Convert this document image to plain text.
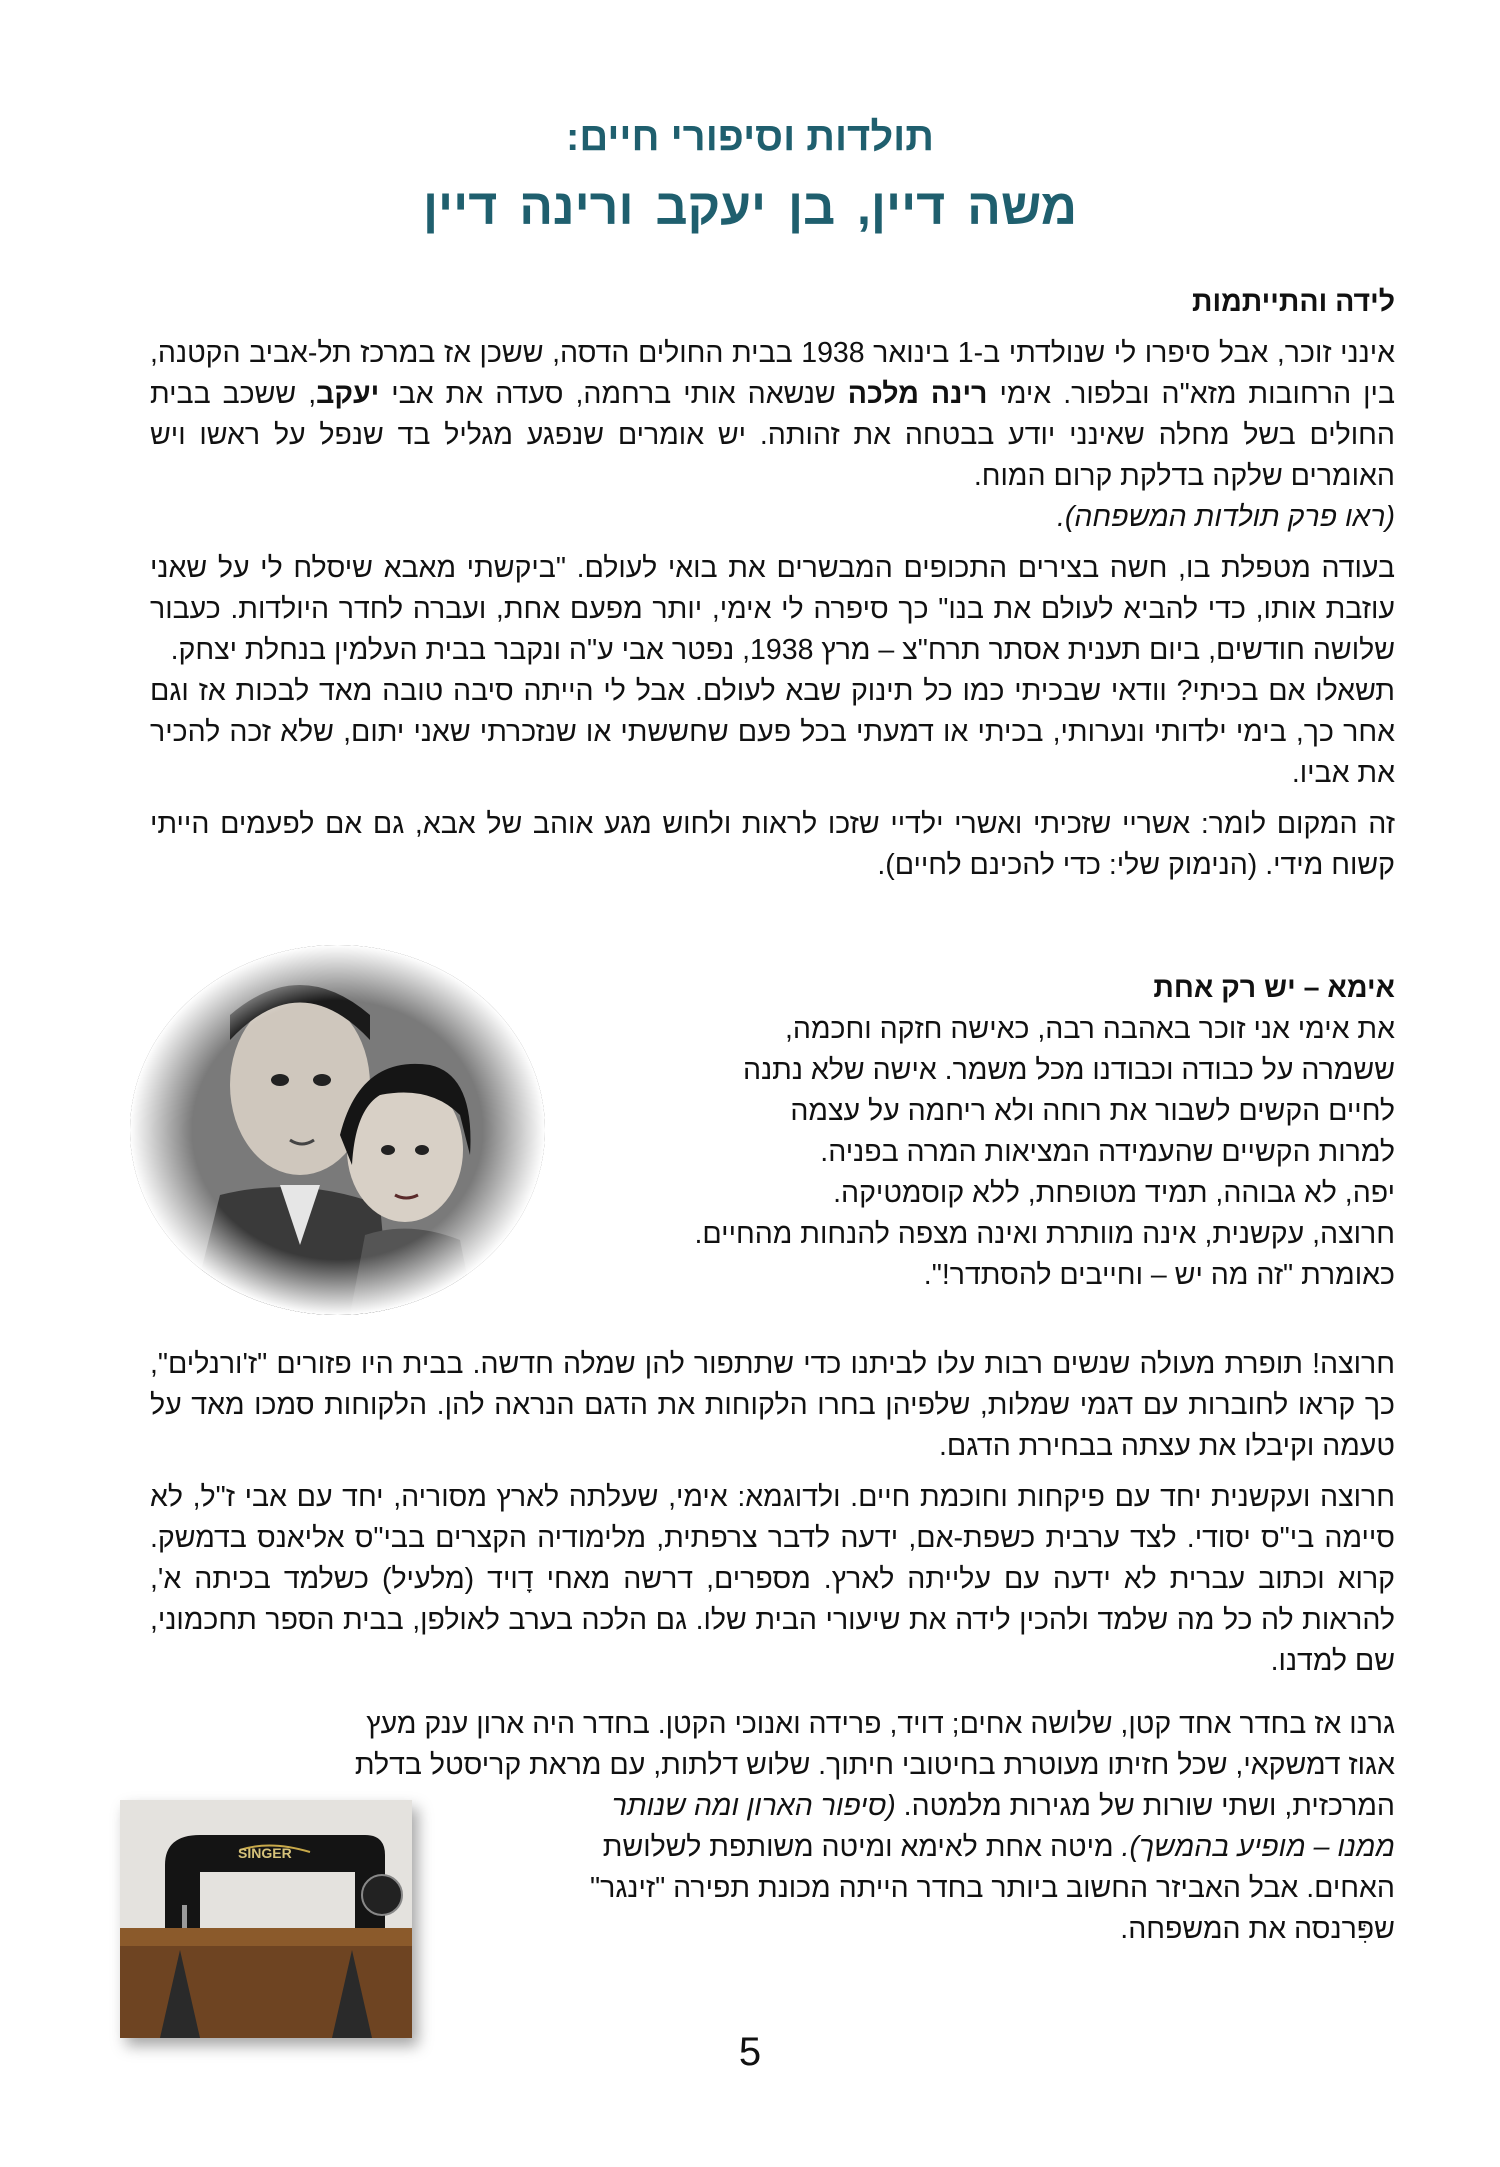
תולדות וסיפורי חיים:
משה דיין, בן יעקב ורינה דיין

לידה והתייתמות

אינני זוכר, אבל סיפרו לי שנולדתי ב-1 בינואר 1938 בבית החולים הדסה, ששכן אז במרכז תל-אביב הקטנה, בין הרחובות מזא"ה ובלפור. אימי רינה מלכה שנשאה אותי ברחמה, סעדה את אבי יעקב, ששכב בבית החולים בשל מחלה שאינני יודע בבטחה את זהותה. יש אומרים שנפגע מגליל בד שנפל על ראשו ויש האומרים שלקה בדלקת קרום המוח.
(ראו פרק תולדות המשפחה).

בעודה מטפלת בו, חשה בצירים התכופים המבשרים את בואי לעולם. "ביקשתי מאבא שיסלח לי על שאני עוזבת אותו, כדי להביא לעולם את בנו" כך סיפרה לי אימי, יותר מפעם אחת, ועברה לחדר היולדות. כעבור שלושה חודשים, ביום תענית אסתר תרח"צ – מרץ 1938, נפטר אבי ע"ה ונקבר בבית העלמין בנחלת יצחק.

תשאלו אם בכיתי? וודאי שבכיתי כמו כל תינוק שבא לעולם. אבל לי הייתה סיבה טובה מאד לבכות אז וגם אחר כך, בימי ילדותי ונערותי, בכיתי או דמעתי בכל פעם שחששתי או שנזכרתי שאני יתום, שלא זכה להכיר את אביו.

זה המקום לומר: אשריי שזכיתי ואשרי ילדיי שזכו לראות ולחוש מגע אוהב של אבא, גם אם לפעמים הייתי קשוח מידי. (הנימוק שלי: כדי להכינם לחיים).

אימא – יש רק אחת

את אימי אני זוכר באהבה רבה, כאישה חזקה וחכמה,

ששמרה על כבודה וכבודנו מכל משמר. אישה שלא נתנה

לחיים הקשים לשבור את רוחה ולא ריחמה על עצמה

למרות הקשיים שהעמידה המציאות המרה בפניה.

יפה, לא גבוהה, תמיד מטופחת, ללא קוסמטיקה.

חרוצה, עקשנית, אינה מוותרת ואינה מצפה להנחות מהחיים.

כאומרת "זה מה יש – וחייבים להסתדר!".

חרוצה! תופרת מעולה שנשים רבות עלו לביתנו כדי שתתפור להן שמלה חדשה. בבית היו פזורים "ז'ורנלים", כך קראו לחוברות עם דגמי שמלות, שלפיהן בחרו הלקוחות את הדגם הנראה להן. הלקוחות סמכו מאד על טעמה וקיבלו את עצתה בבחירת הדגם.

חרוצה ועקשנית יחד עם פיקחות וחוכמת חיים. ולדוגמא: אימי, שעלתה לארץ מסוריה, יחד עם אבי ז"ל, לא סיימה בי"ס יסודי. לצד ערבית כשפת-אם, ידעה לדבר צרפתית, מלימודיה הקצרים בבי"ס אליאנס בדמשק. קרוא וכתוב עברית לא ידעה עם עלייתה לארץ. מספרים, דרשה מאחי דָויד (מלעיל) כשלמד בכיתה א', להראות לה כל מה שלמד ולהכין לידה את שיעורי הבית שלו. גם הלכה בערב לאולפן, בבית הספר תחכמוני, שם למדנו.

גרנו אז בחדר אחד קטן, שלושה אחים; דויד, פרידה ואנוכי הקטן. בחדר היה ארון ענק מעץ
אגוז דמשקאי, שכל חזיתו מעוטרת בחיטובי חיתוך. שלוש דלתות, עם מראת קריסטל בדלת
המרכזית, ושתי שורות של מגירות מלמטה. (סיפור הארון ומה שנותר
ממנו – מופיע בהמשך). מיטה אחת לאימא ומיטה משותפת לשלושת
האחים. אבל האביזר החשוב ביותר בחדר הייתה מכונת תפירה "זינגר"
שפִּרנסה את המשפחה.

SINGER
5
